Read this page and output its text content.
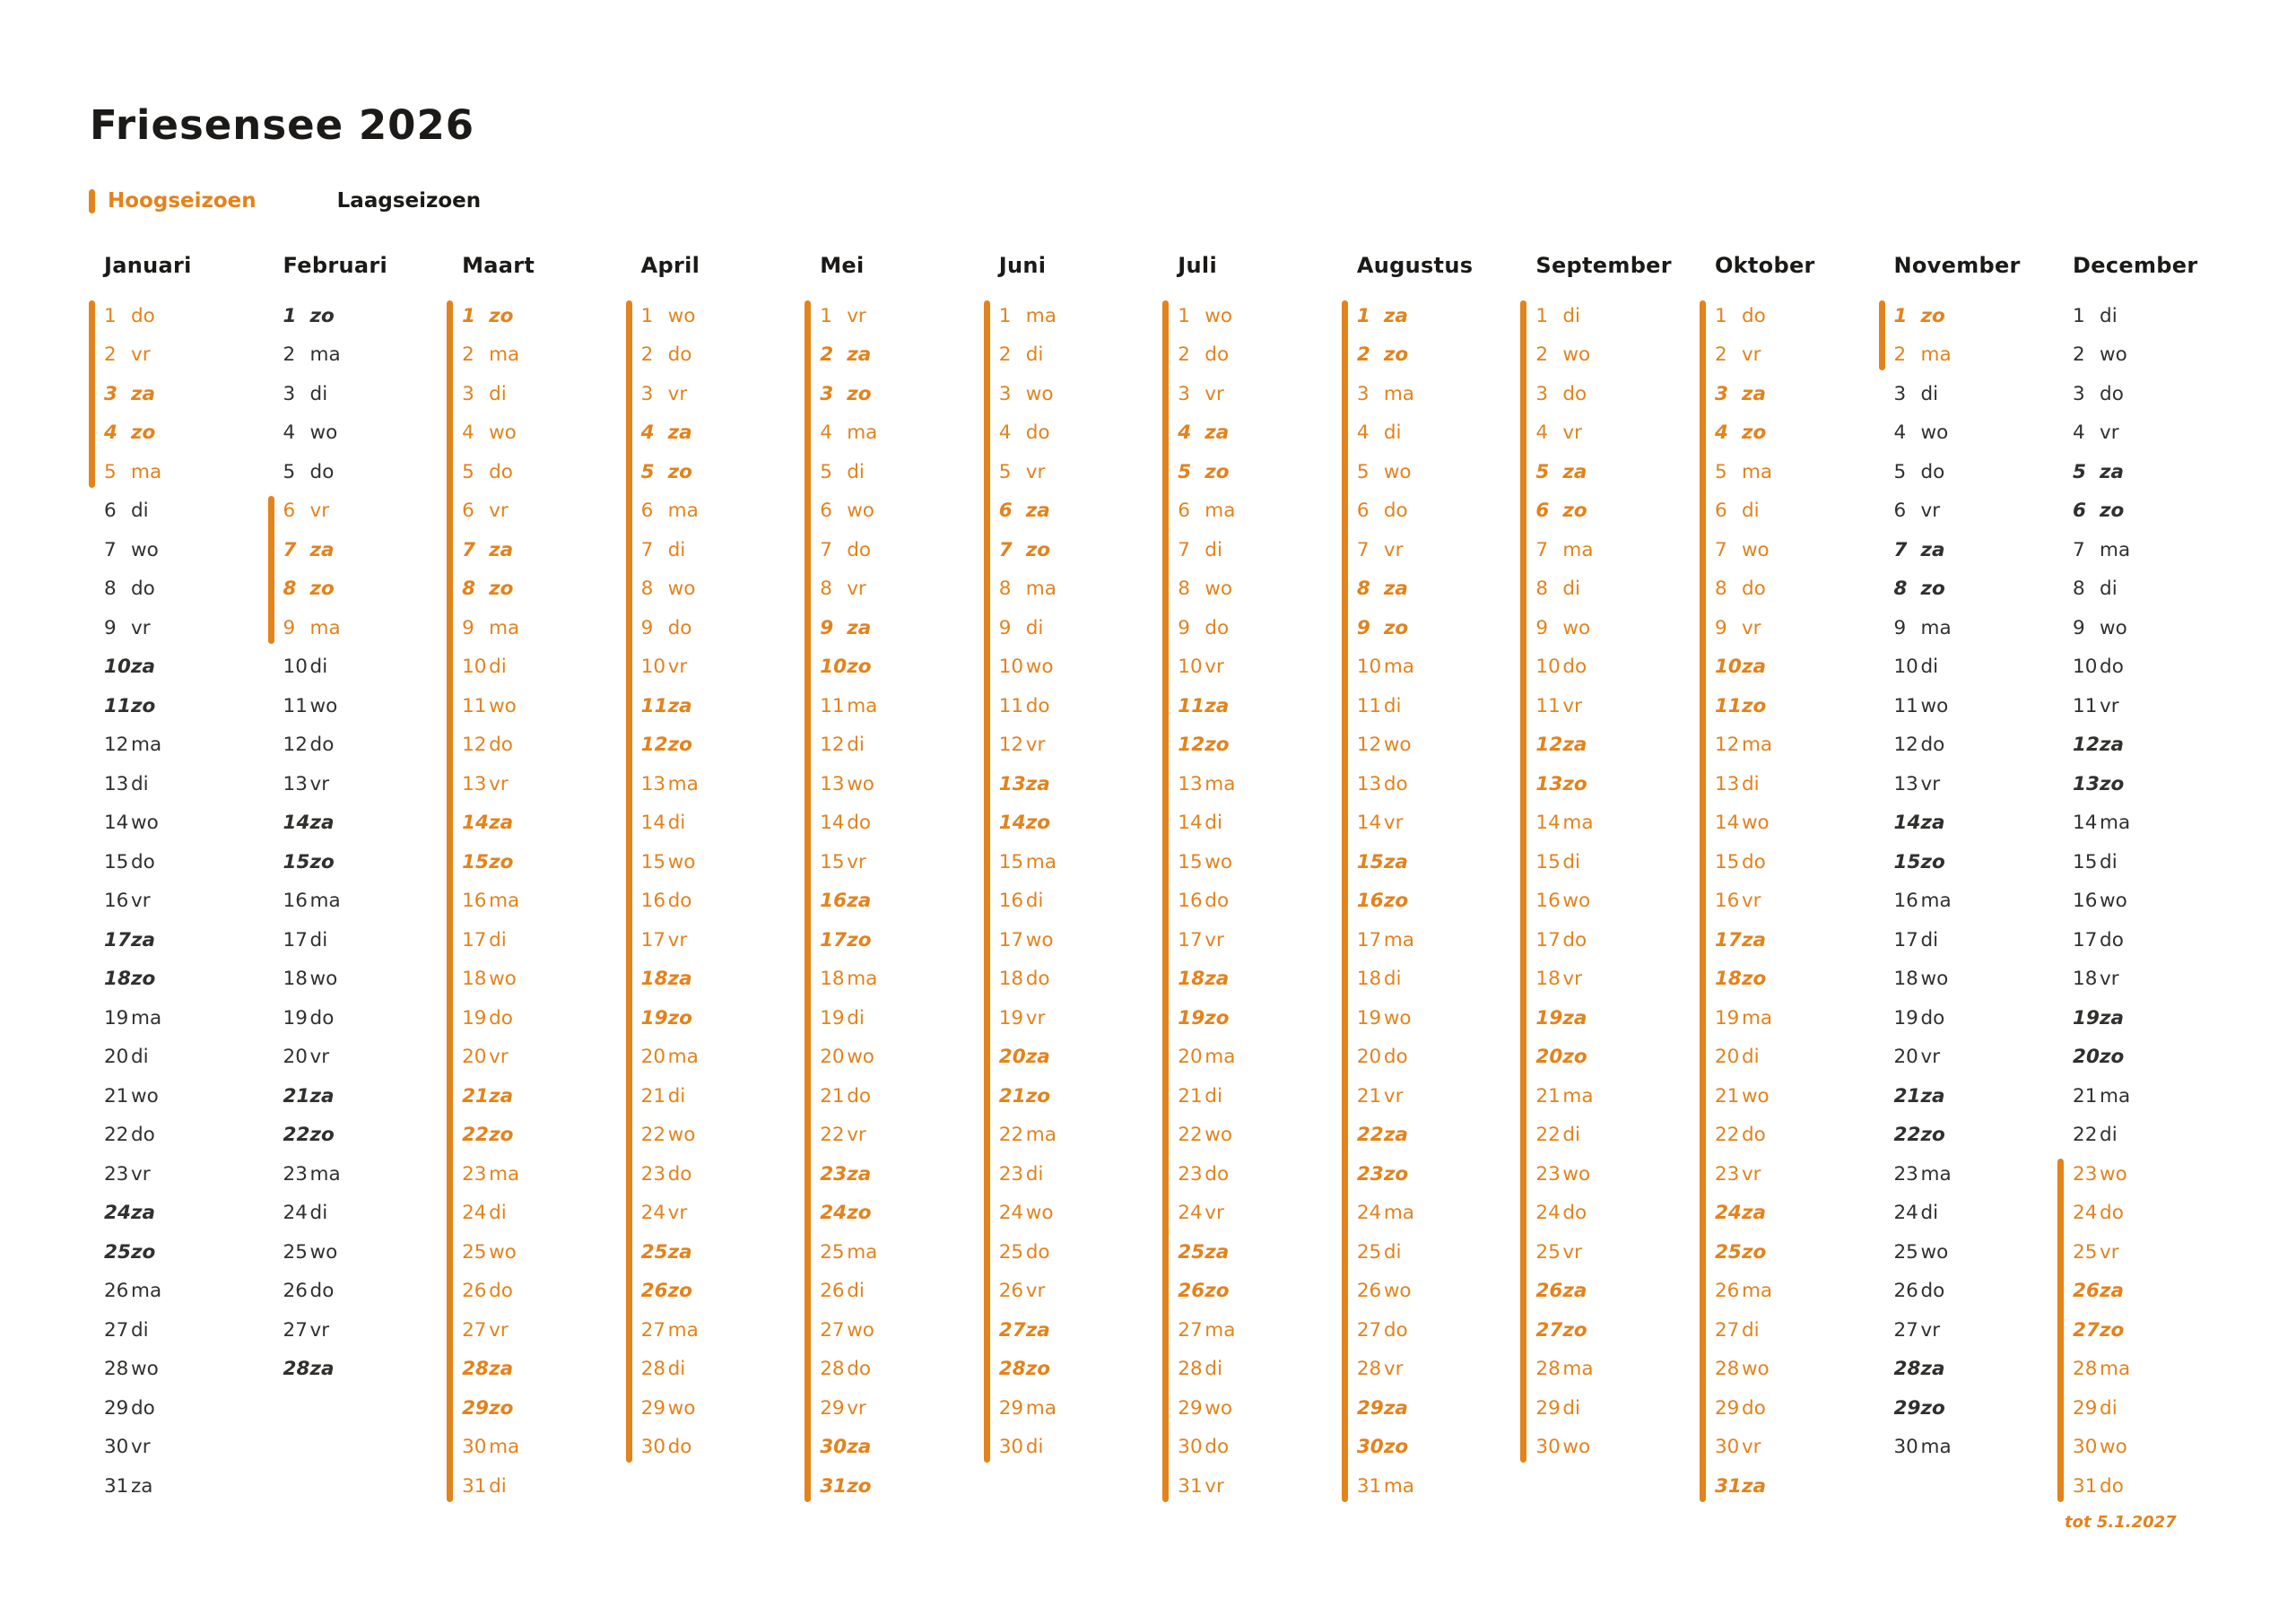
Friesensee 2026
Hoogseizoen	Laagseizoen
Januari
1 do
2 vr
3 za
4 zo
5 ma
6 di
7 wo
8 do
9 vr
10 za
11 zo
12 ma
13 di
14 wo
15 do
16 vr
17 za
18 zo
19 ma
20 di
21 wo
22 do
23 vr
24 za
25 zo
26 ma
27 di
28 wo
29 do
30 vr
31 za
Februari
1 zo
2 ma
3 di
4 wo
5 do
6 vr
7 za
8 zo
9 ma
10 di
11 wo
12 do
13 vr
14 za
15 zo
16 ma
17 di
18 wo
19 do
20 vr
21 za
22 zo
23 ma
24 di
25 wo
26 do
27 vr
28 za
Maart
1 zo
2 ma
3 di
4 wo
5 do
6 vr
7 za
8 zo
9 ma
10 di
11 wo
12 do
13 vr
14 za
15 zo
16 ma
17 di
18 wo
19 do
20 vr
21 za
22 zo
23 ma
24 di
25 wo
26 do
27 vr
28 za
29 zo
30 ma
31 di
April
1 wo
2 do
3 vr
4 za
5 zo
6 ma
7 di
8 wo
9 do
10 vr
11 za
12 zo
13 ma
14 di
15 wo
16 do
17 vr
18 za
19 zo
20 ma
21 di
22 wo
23 do
24 vr
25 za
26 zo
27 ma
28 di
29 wo
30 do
Mei
1 vr
2 za
3 zo
4 ma
5 di
6 wo
7 do
8 vr
9 za
10 zo
11 ma
12 di
13 wo
14 do
15 vr
16 za
17 zo
18 ma
19 di
20 wo
21 do
22 vr
23 za
24 zo
25 ma
26 di
27 wo
28 do
29 vr
30 za
31 zo
Juni
1 ma
2 di
3 wo
4 do
5 vr
6 za
7 zo
8 ma
9 di
10 wo
11 do
12 vr
13 za
14 zo
15 ma
16 di
17 wo
18 do
19 vr
20 za
21 zo
22 ma
23 di
24 wo
25 do
26 vr
27 za
28 zo
29 ma
30 di
Juli
1 wo
2 do
3 vr
4 za
5 zo
6 ma
7 di
8 wo
9 do
10 vr
11 za
12 zo
13 ma
14 di
15 wo
16 do
17 vr
18 za
19 zo
20 ma
21 di
22 wo
23 do
24 vr
25 za
26 zo
27 ma
28 di
29 wo
30 do
31 vr
Augustus
1 za
2 zo
3 ma
4 di
5 wo
6 do
7 vr
8 za
9 zo
10 ma
11 di
12 wo
13 do
14 vr
15 za
16 zo
17 ma
18 di
19 wo
20 do
21 vr
22 za
23 zo
24 ma
25 di
26 wo
27 do
28 vr
29 za
30 zo
31 ma
September
1 di
2 wo
3 do
4 vr
5 za
6 zo
7 ma
8 di
9 wo
10 do
11 vr
12 za
13 zo
14 ma
15 di
16 wo
17 do
18 vr
19 za
20 zo
21 ma
22 di
23 wo
24 do
25 vr
26 za
27 zo
28 ma
29 di
30 wo
Oktober
1 do
2 vr
3 za
4 zo
5 ma
6 di
7 wo
8 do
9 vr
10 za
11 zo
12 ma
13 di
14 wo
15 do
16 vr
17 za
18 zo
19 ma
20 di
21 wo
22 do
23 vr
24 za
25 zo
26 ma
27 di
28 wo
29 do
30 vr
31 za
November
1 zo
2 ma
3 di
4 wo
5 do
6 vr
7 za
8 zo
9 ma
10 di
11 wo
12 do
13 vr
14 za
15 zo
16 ma
17 di
18 wo
19 do
20 vr
21 za
22 zo
23 ma
24 di
25 wo
26 do
27 vr
28 za
29 zo
30 ma
December
1 di
2 wo
3 do
4 vr
5 za
6 zo
7 ma
8 di
9 wo
10 do
11 vr
12 za
13 zo
14 ma
15 di
16 wo
17 do
18 vr
19 za
20 zo
21 ma
22 di
23 wo
24 do
25 vr
26 za
27 zo
28 ma
29 di
30 wo
31 do
tot 5.1.2027
